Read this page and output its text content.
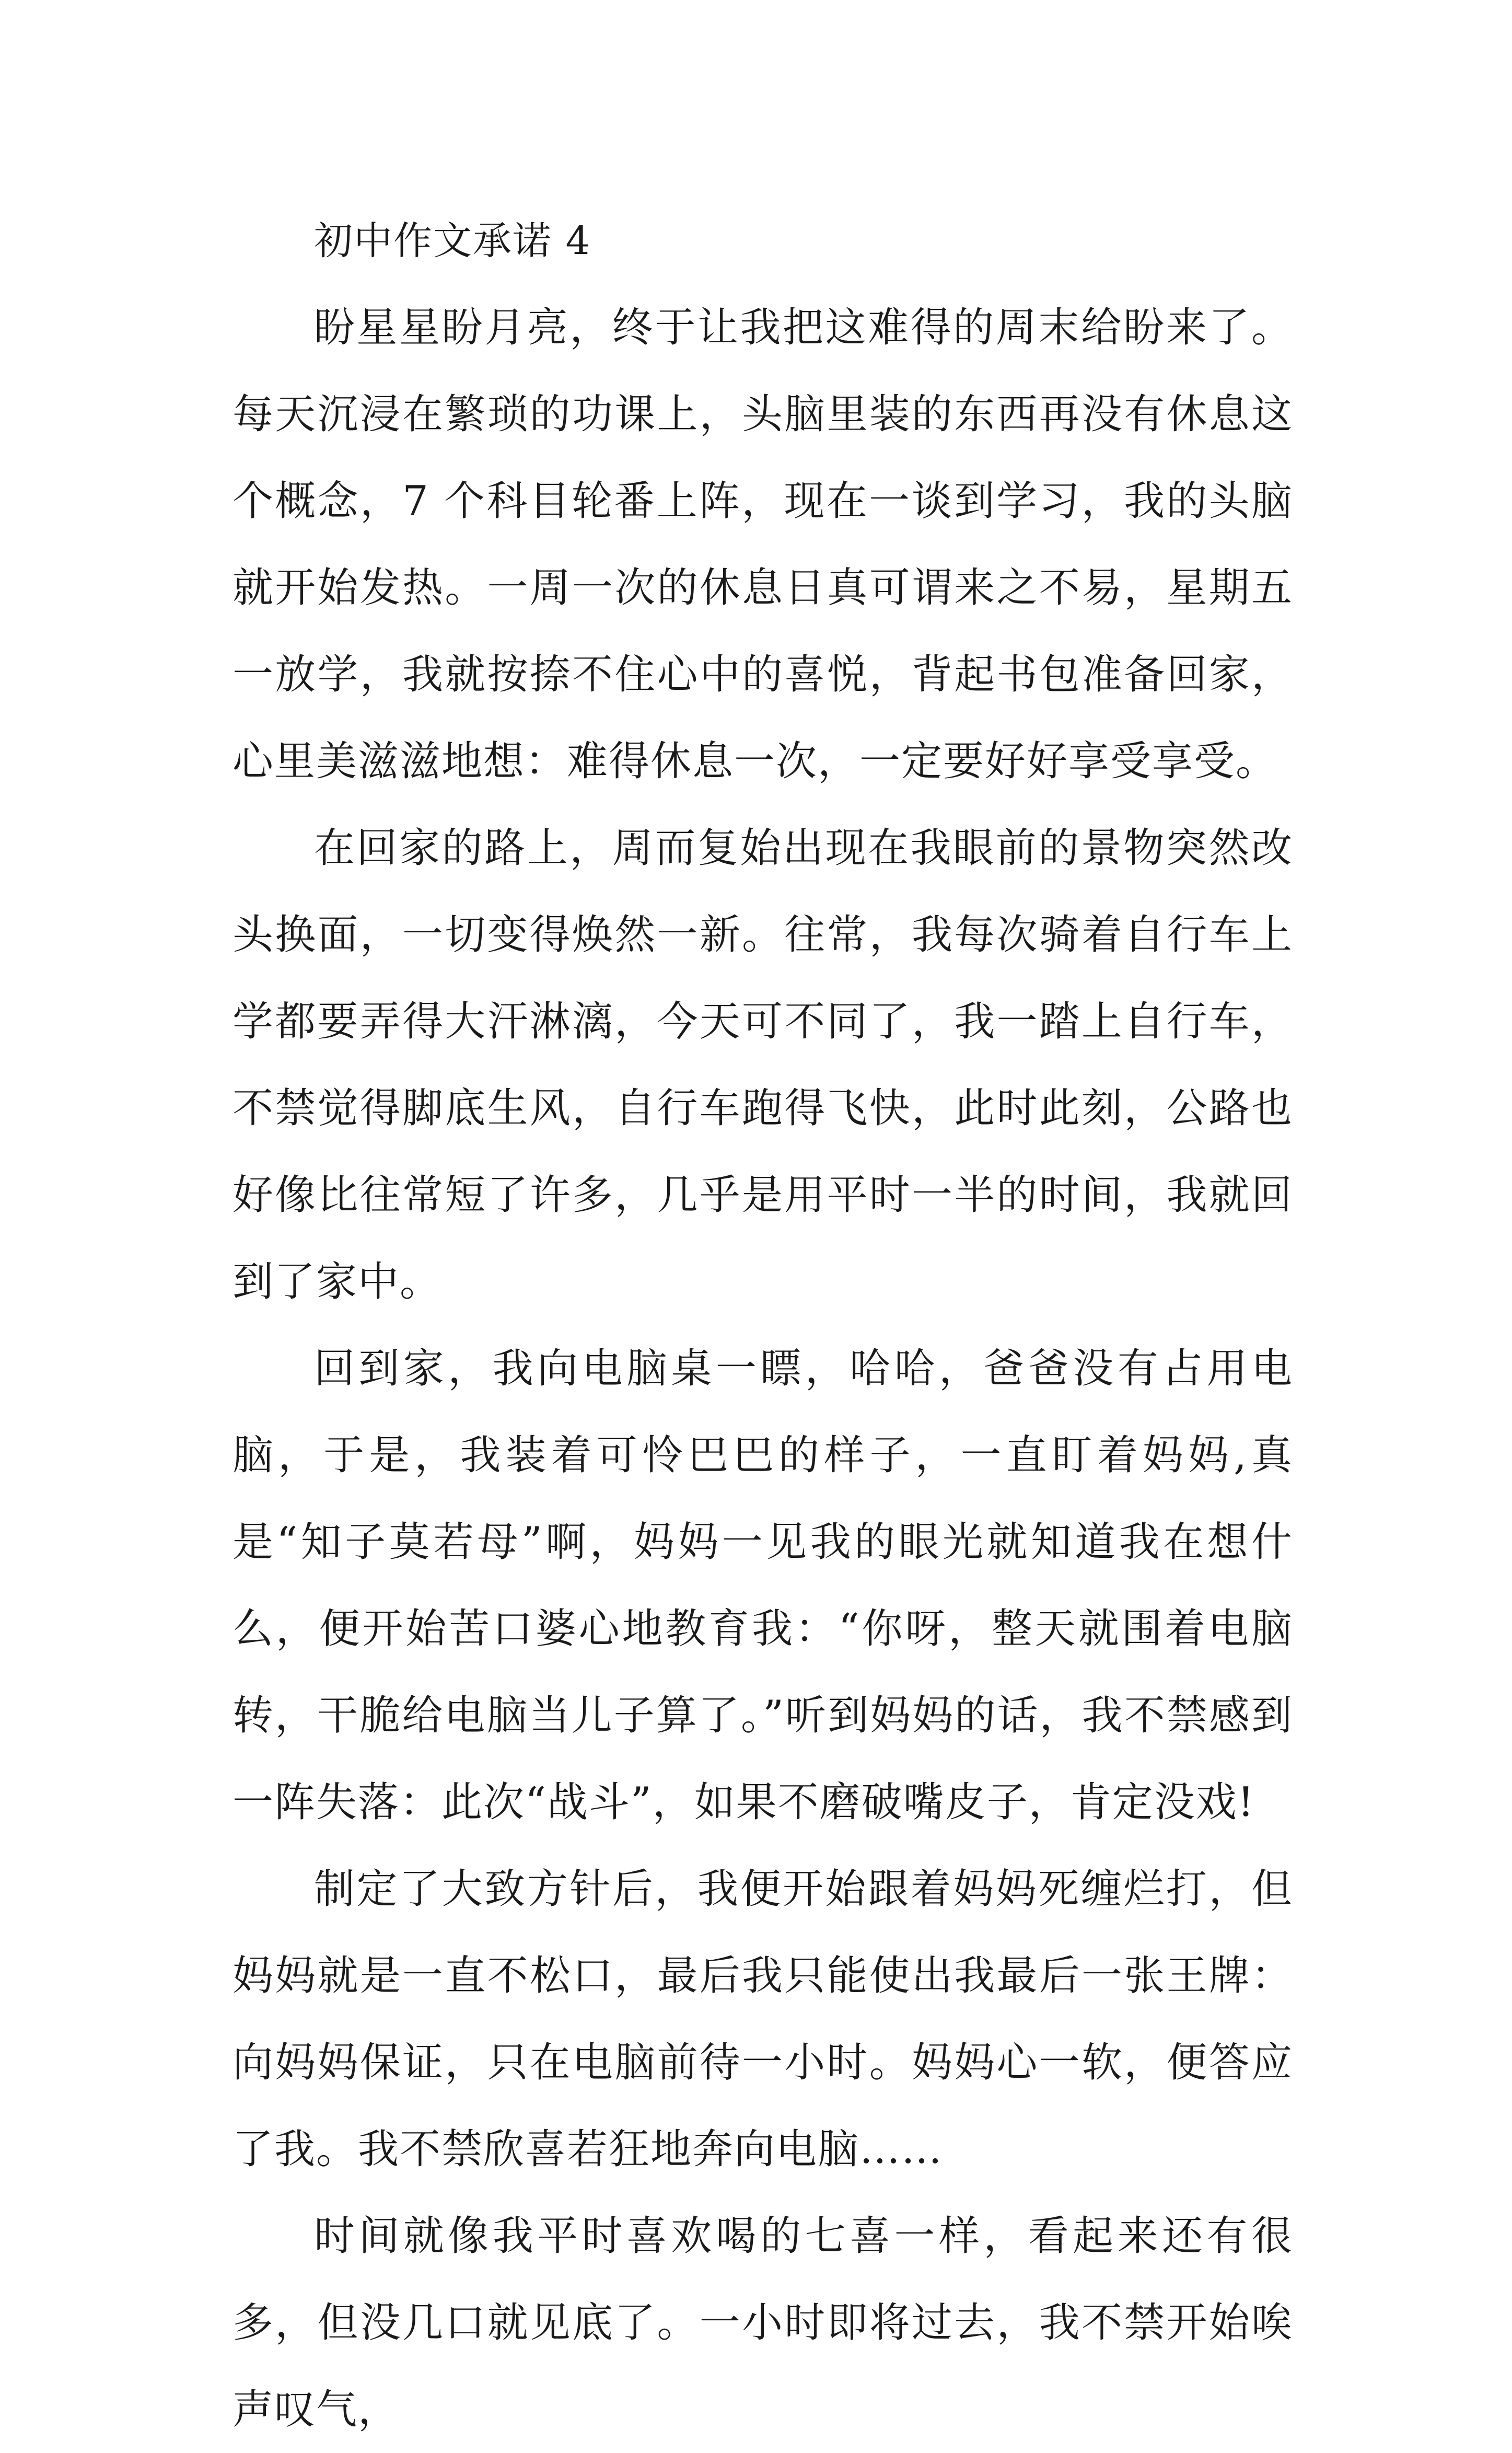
初中作文承诺 4

盼星星盼月亮，终于让我把这难得的周末给盼来了。每天沉浸在繁琐的功课上，头脑里装的东西再没有休息这个概念，7 个科目轮番上阵，现在一谈到学习，我的头脑就开始发热。一周一次的休息日真可谓来之不易，星期五一放学，我就按捺不住心中的喜悦，背起书包准备回家，心里美滋滋地想：难得休息一次，一定要好好享受享受。

在回家的路上，周而复始出现在我眼前的景物突然改头换面，一切变得焕然一新。往常，我每次骑着自行车上学都要弄得大汗淋漓，今天可不同了，我一踏上自行车，不禁觉得脚底生风，自行车跑得飞快，此时此刻，公路也好像比往常短了许多，几乎是用平时一半的时间，我就回到了家中。

回到家，我向电脑桌一瞟，哈哈，爸爸没有占用电脑，于是，我装着可怜巴巴的样子，一直盯着妈妈,真是“知子莫若母”啊，妈妈一见我的眼光就知道我在想什么，便开始苦口婆心地教育我：“你呀，整天就围着电脑转，干脆给电脑当儿子算了。”听到妈妈的话，我不禁感到一阵失落：此次“战斗”，如果不磨破嘴皮子，肯定没戏!

制定了大致方针后，我便开始跟着妈妈死缠烂打，但妈妈就是一直不松口，最后我只能使出我最后一张王牌：向妈妈保证，只在电脑前待一小时。妈妈心一软，便答应了我。我不禁欣喜若狂地奔向电脑……

时间就像我平时喜欢喝的七喜一样，看起来还有很多，但没几口就见底了。一小时即将过去，我不禁开始唉声叹气，
